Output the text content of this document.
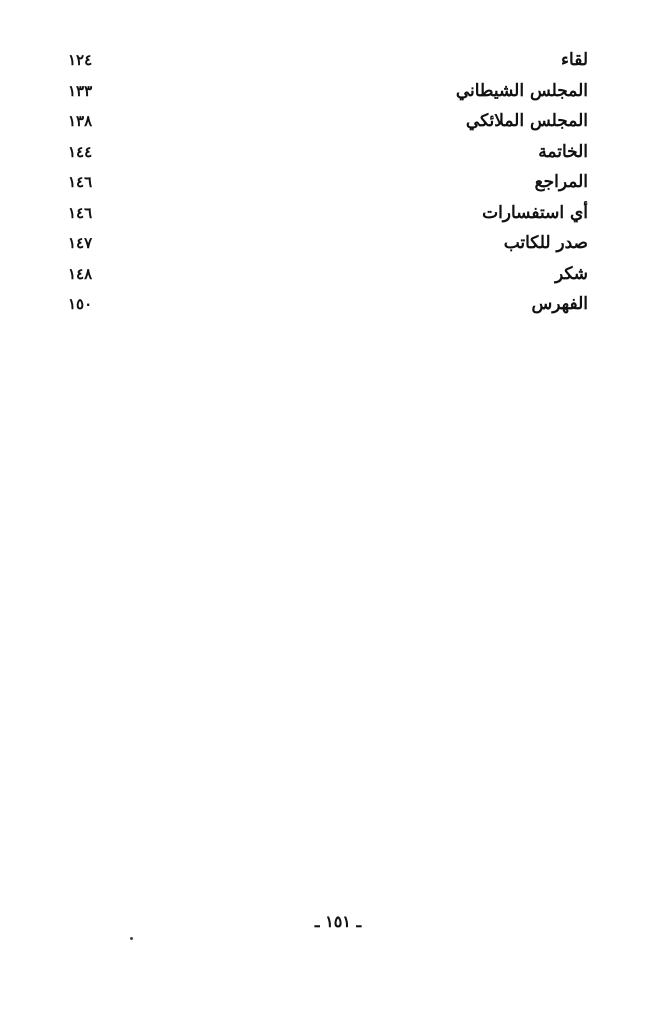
لقاء
١٢٤
المجلس الشيطاني
١٣٣
المجلس الملائكي
١٣٨
الخاتمة
١٤٤
المراجع
١٤٦
أي استفسارات
١٤٦
صدر للكاتب
١٤٧
شكر
١٤٨
الفهرس
١٥٠
ـ ١٥١ ـ
